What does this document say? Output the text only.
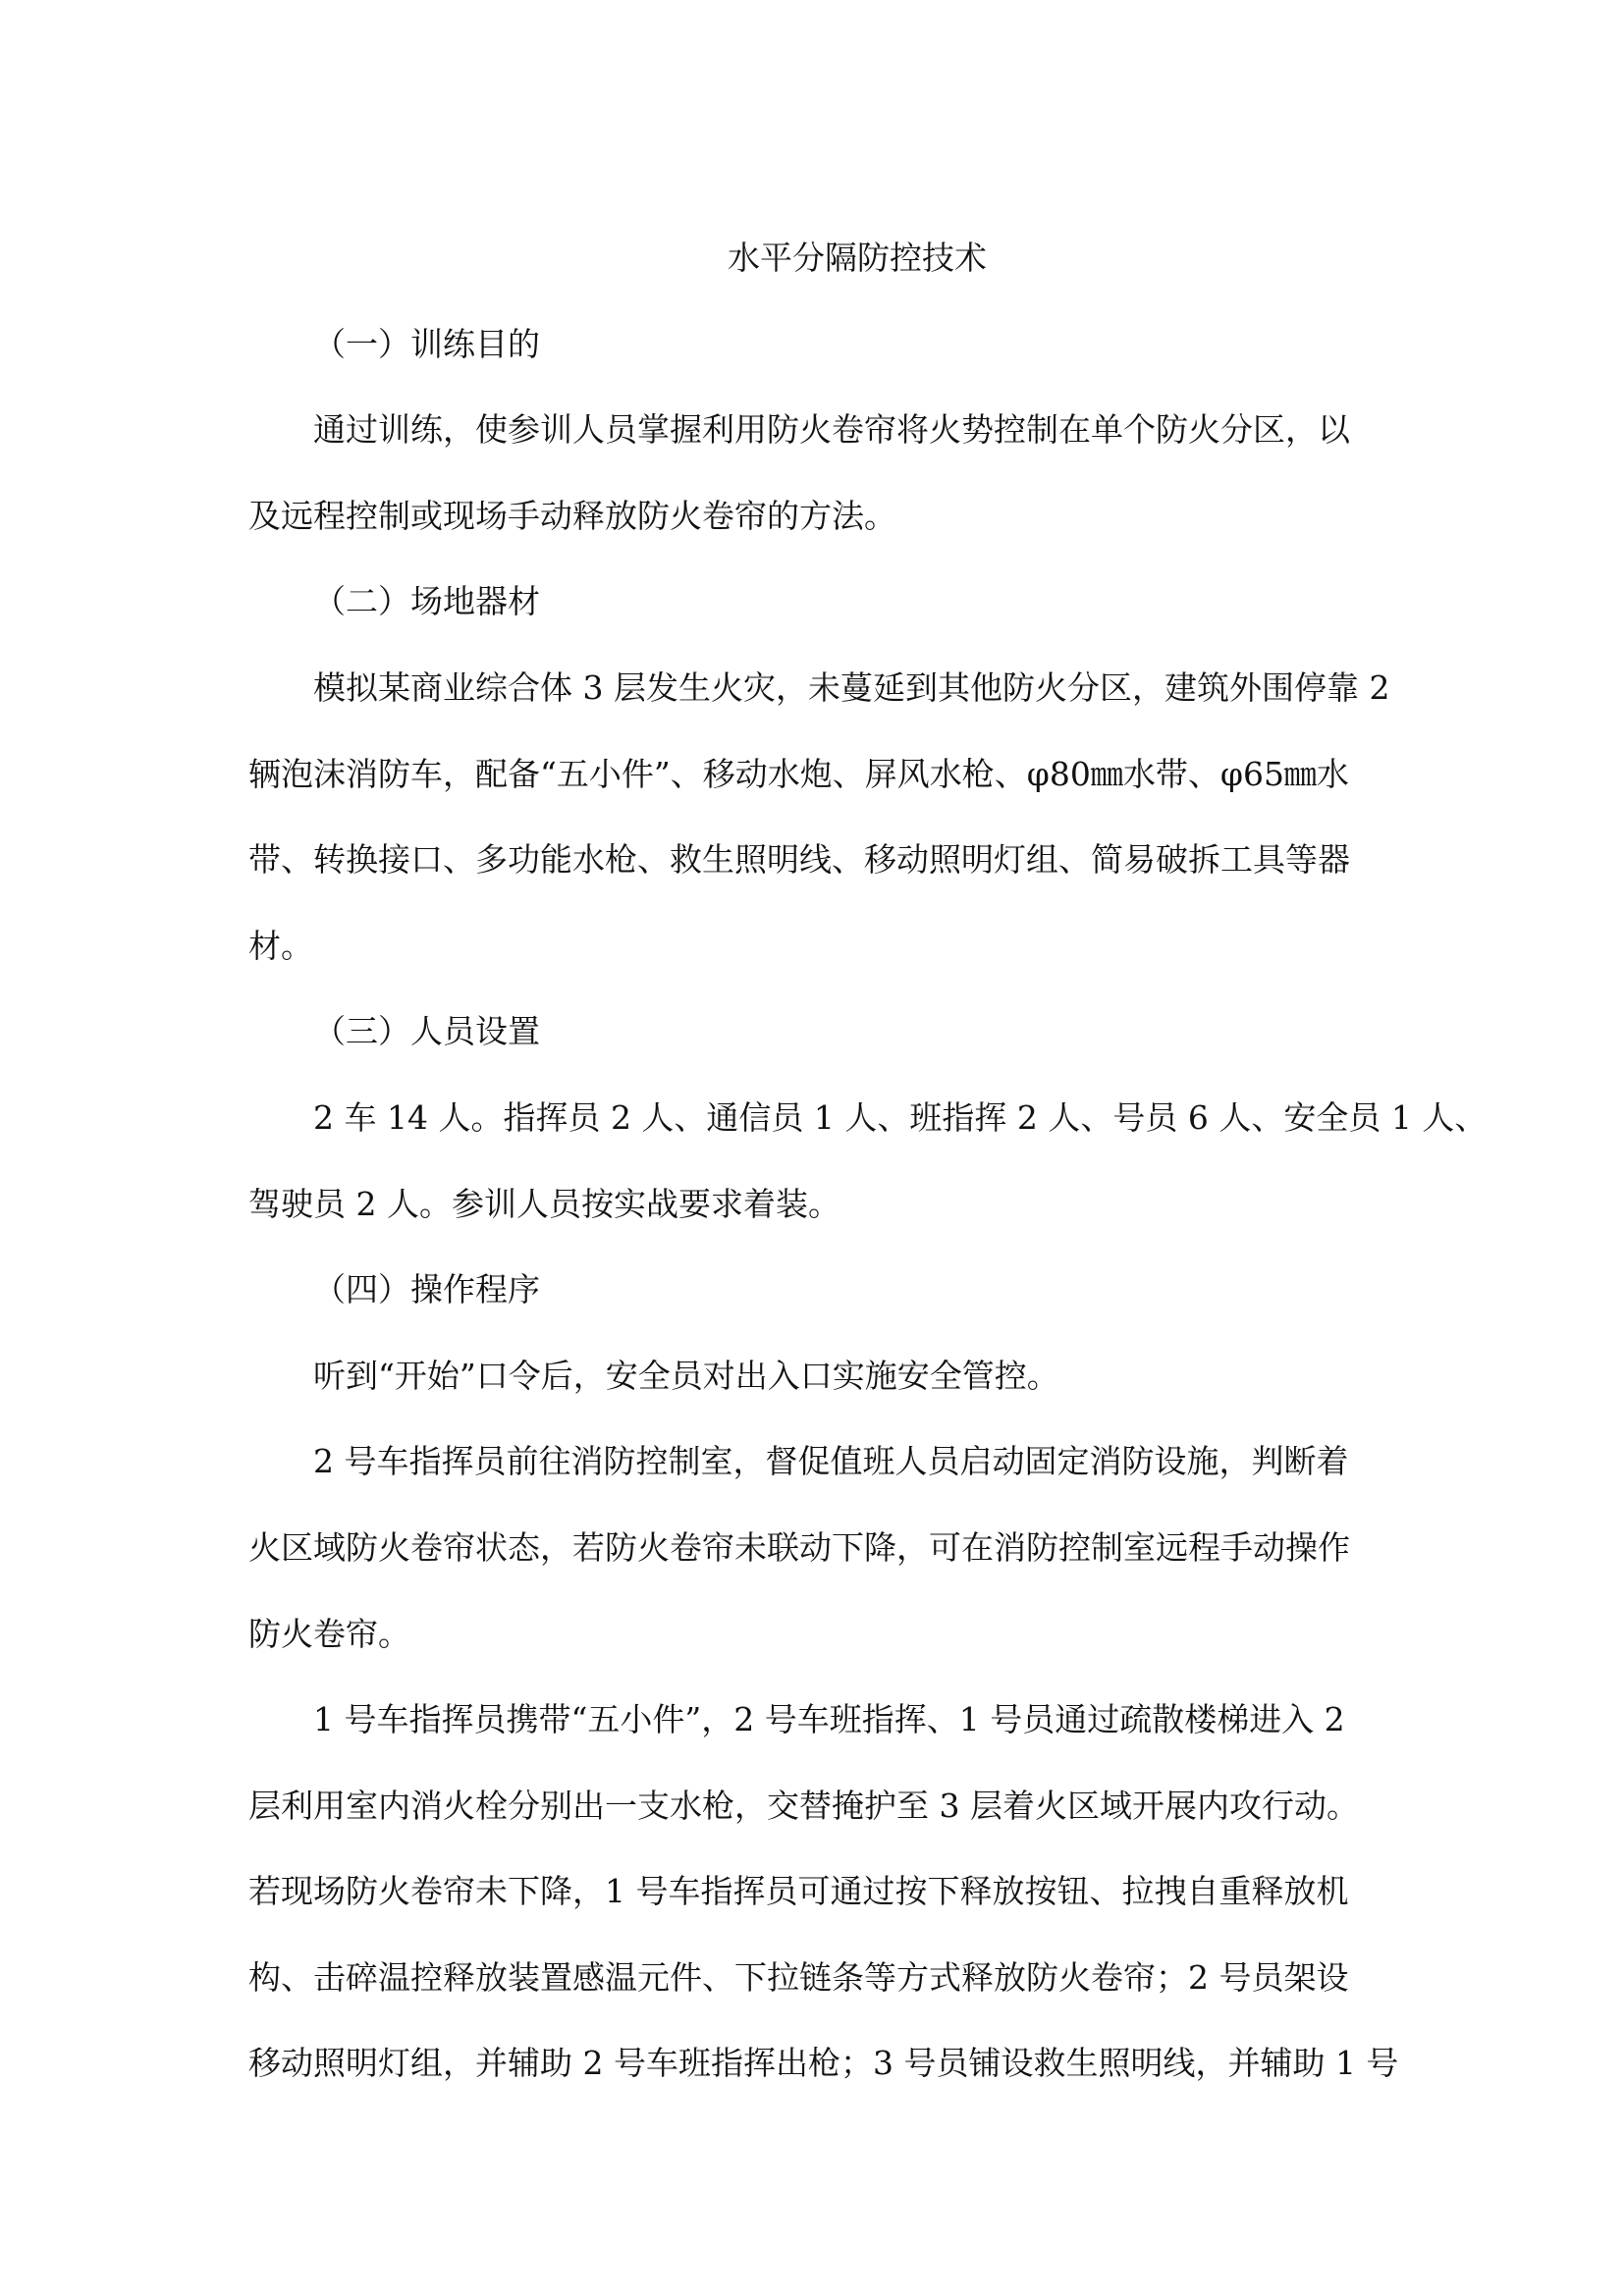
水平分隔防控技术
（一）训练目的
通过训练，使参训人员掌握利用防火卷帘将火势控制在单个防火分区，以
及远程控制或现场手动释放防火卷帘的方法。
（二）场地器材
模拟某商业综合体 3 层发生火灾，未蔓延到其他防火分区，建筑外围停靠 2
辆泡沫消防车，配备“五小件”、移动水炮、屏风水枪、φ80㎜水带、φ65㎜水
带、转换接口、多功能水枪、救生照明线、移动照明灯组、简易破拆工具等器
材。
（三）人员设置
2 车 14 人。指挥员 2 人、通信员 1 人、班指挥 2 人、号员 6 人、安全员 1 人、
驾驶员 2 人。参训人员按实战要求着装。
（四）操作程序
听到“开始”口令后，安全员对出入口实施安全管控。
2 号车指挥员前往消防控制室，督促值班人员启动固定消防设施，判断着
火区域防火卷帘状态，若防火卷帘未联动下降，可在消防控制室远程手动操作
防火卷帘。
1 号车指挥员携带“五小件”，2 号车班指挥、1 号员通过疏散楼梯进入 2
层利用室内消火栓分别出一支水枪，交替掩护至 3 层着火区域开展内攻行动。
若现场防火卷帘未下降，1 号车指挥员可通过按下释放按钮、拉拽自重释放机
构、击碎温控释放装置感温元件、下拉链条等方式释放防火卷帘；2 号员架设
移动照明灯组，并辅助 2 号车班指挥出枪；3 号员铺设救生照明线，并辅助 1 号
